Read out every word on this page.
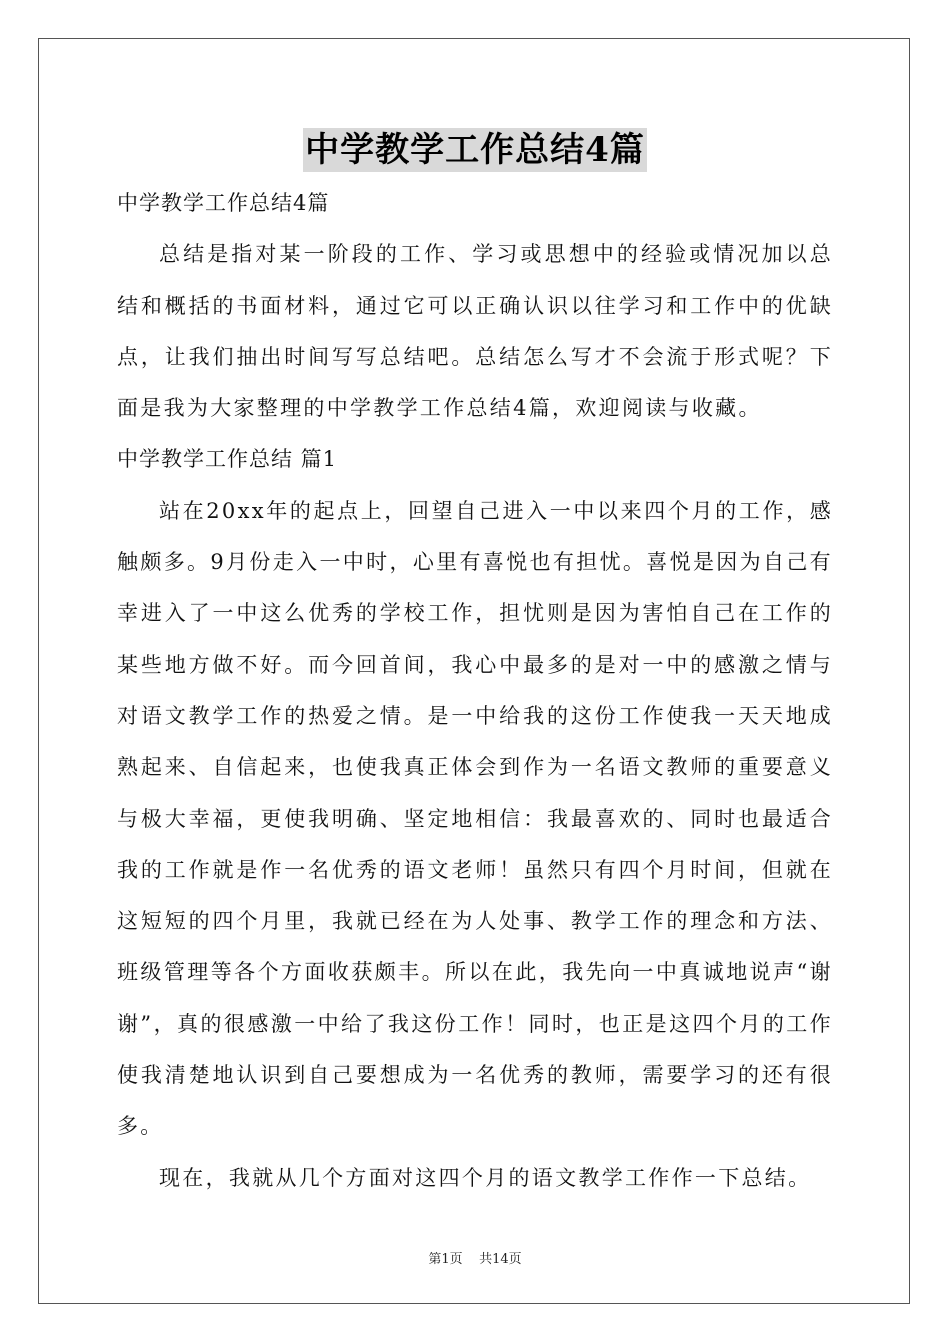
中学教学工作总结4篇

中学教学工作总结4篇

总结是指对某一阶段的工作、学习或思想中的经验或情况加以总结和概括的书面材料，通过它可以正确认识以往学习和工作中的优缺点，让我们抽出时间写写总结吧。总结怎么写才不会流于形式呢？下面是我为大家整理的中学教学工作总结4篇，欢迎阅读与收藏。

中学教学工作总结 篇1

站在20xx年的起点上，回望自己进入一中以来四个月的工作，感触颇多。9月份走入一中时，心里有喜悦也有担忧。喜悦是因为自己有幸进入了一中这么优秀的学校工作，担忧则是因为害怕自己在工作的某些地方做不好。而今回首间，我心中最多的是对一中的感激之情与对语文教学工作的热爱之情。是一中给我的这份工作使我一天天地成熟起来、自信起来，也使我真正体会到作为一名语文教师的重要意义与极大幸福，更使我明确、坚定地相信：我最喜欢的、同时也最适合我的工作就是作一名优秀的语文老师！虽然只有四个月时间，但就在这短短的四个月里，我就已经在为人处事、教学工作的理念和方法、班级管理等各个方面收获颇丰。所以在此，我先向一中真诚地说声“谢谢”，真的很感激一中给了我这份工作！同时，也正是这四个月的工作使我清楚地认识到自己要想成为一名优秀的教师，需要学习的还有很多。

现在，我就从几个方面对这四个月的语文教学工作作一下总结。

第1页 共14页
